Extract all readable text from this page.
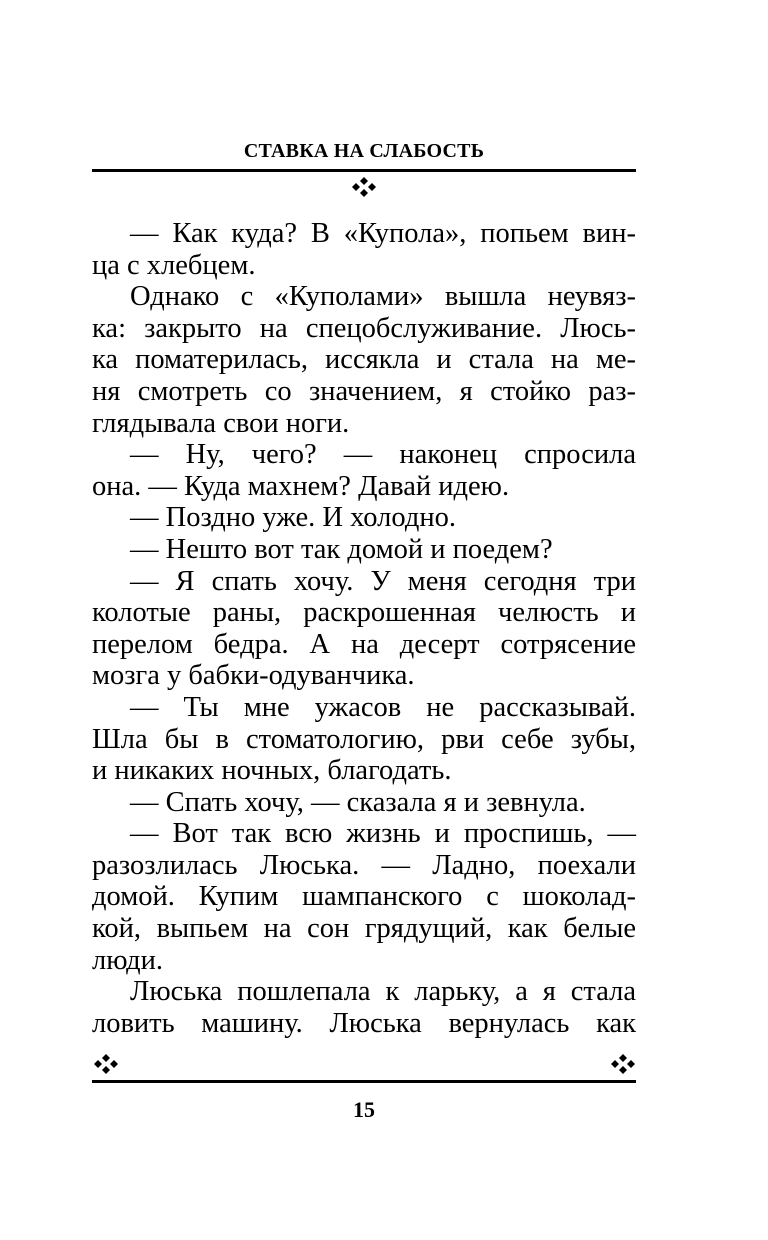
СТАВКА НА СЛАБОСТЬ
— Как куда? В «Купола», попьем вин-
ца с хлебцем.
Однако с «Куполами» вышла неувяз-
ка: закрыто на спецобслуживание. Люсь-
ка поматерилась, иссякла и стала на ме-
ня смотреть со значением, я стойко раз-
глядывала свои ноги.
— Ну, чего? — наконец спросила
она. — Куда махнем? Давай идею.
— Поздно уже. И холодно.
— Нешто вот так домой и поедем?
— Я спать хочу. У меня сегодня три
колотые раны, раскрошенная челюсть и
перелом бедра. А на десерт сотрясение
мозга у бабки-одуванчика.
— Ты мне ужасов не рассказывай.
Шла бы в стоматологию, рви себе зубы,
и никаких ночных, благодать.
— Спать хочу, — сказала я и зевнула.
— Вот так всю жизнь и проспишь, —
разозлилась Люська. — Ладно, поехали
домой. Купим шампанского с шоколад-
кой, выпьем на сон грядущий, как белые
люди.
Люська пошлепала к ларьку, а я стала
ловить машину. Люська вернулась как
15
